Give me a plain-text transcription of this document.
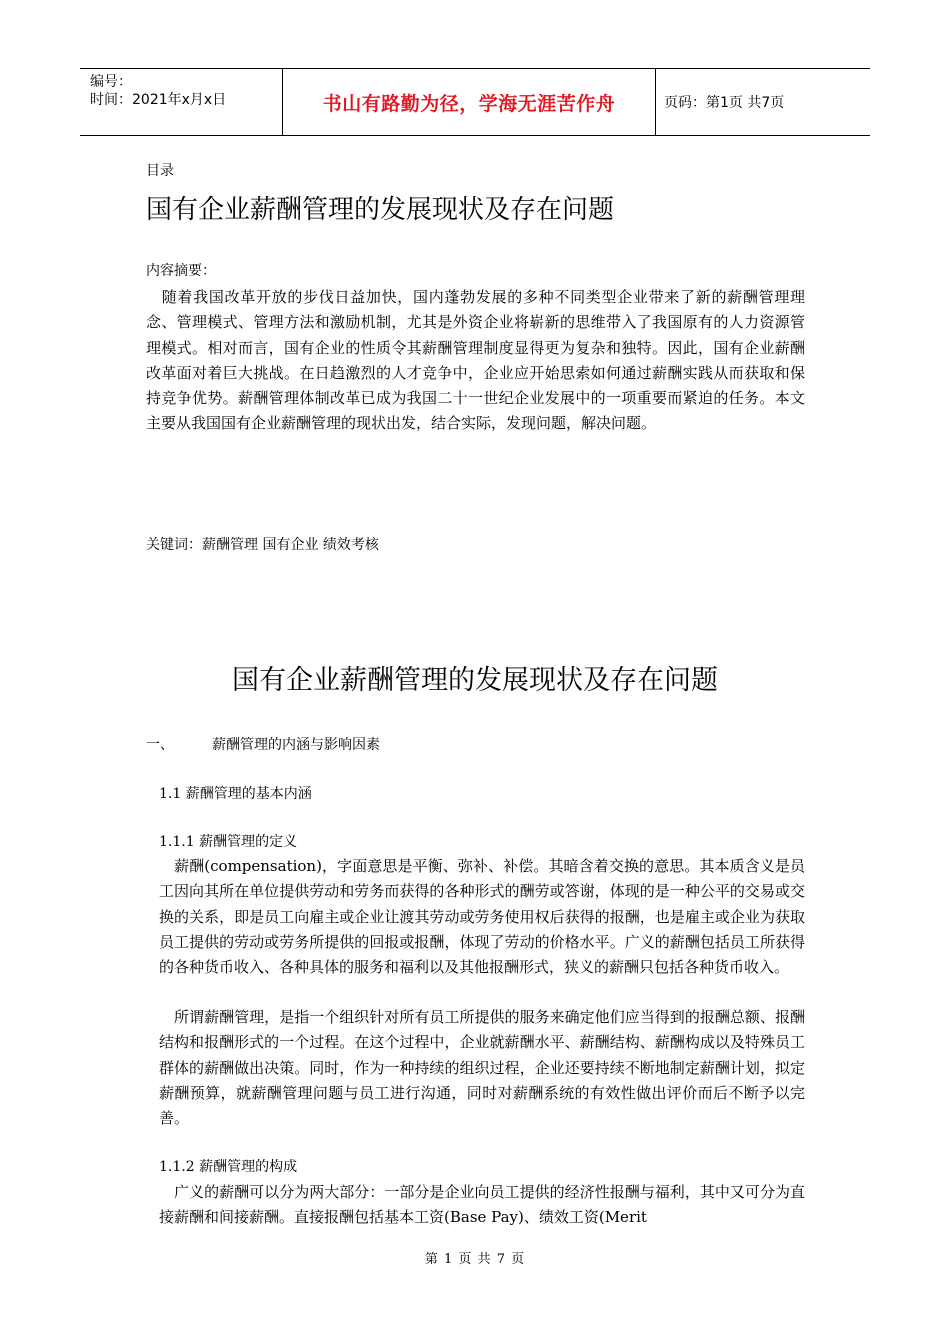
编号：
时间：2021年x月x日	书山有路勤为径，学海无涯苦作舟	页码：第1页 共7页
目录
国有企业薪酬管理的发展现状及存在问题
内容摘要：

随着我国改革开放的步伐日益加快，国内蓬勃发展的多种不同类型企业带来了新的薪酬管理理念、管理模式、管理方法和激励机制，尤其是外资企业将崭新的思维带入了我国原有的人力资源管理模式。相对而言，国有企业的性质令其薪酬管理制度显得更为复杂和独特。因此，国有企业薪酬改革面对着巨大挑战。在日趋激烈的人才竞争中，企业应开始思索如何通过薪酬实践从而获取和保持竞争优势。薪酬管理体制改革已成为我国二十一世纪企业发展中的一项重要而紧迫的任务。本文主要从我国国有企业薪酬管理的现状出发，结合实际，发现问题，解决问题。

关键词：薪酬管理 国有企业 绩效考核
国有企业薪酬管理的发展现状及存在问题
一、	薪酬管理的内涵与影响因素
1.1 薪酬管理的基本内涵
1.1.1 薪酬管理的定义

薪酬(compensation)，字面意思是平衡、弥补、补偿。其暗含着交换的意思。其本质含义是员工因向其所在单位提供劳动和劳务而获得的各种形式的酬劳或答谢，体现的是一种公平的交易或交换的关系，即是员工向雇主或企业让渡其劳动或劳务使用权后获得的报酬，也是雇主或企业为获取员工提供的劳动或劳务所提供的回报或报酬，体现了劳动的价格水平。广义的薪酬包括员工所获得的各种货币收入、各种具体的服务和福利以及其他报酬形式，狭义的薪酬只包括各种货币收入。

所谓薪酬管理，是指一个组织针对所有员工所提供的服务来确定他们应当得到的报酬总额、报酬结构和报酬形式的一个过程。在这个过程中，企业就薪酬水平、薪酬结构、薪酬构成以及特殊员工群体的薪酬做出决策。同时，作为一种持续的组织过程，企业还要持续不断地制定薪酬计划，拟定薪酬预算，就薪酬管理问题与员工进行沟通，同时对薪酬系统的有效性做出评价而后不断予以完善。

1.1.2 薪酬管理的构成

广义的薪酬可以分为两大部分：一部分是企业向员工提供的经济性报酬与福利，其中又可分为直接薪酬和间接薪酬。直接报酬包括基本工资(Base Pay)、绩效工资(Merit

第 1 页 共 7 页
